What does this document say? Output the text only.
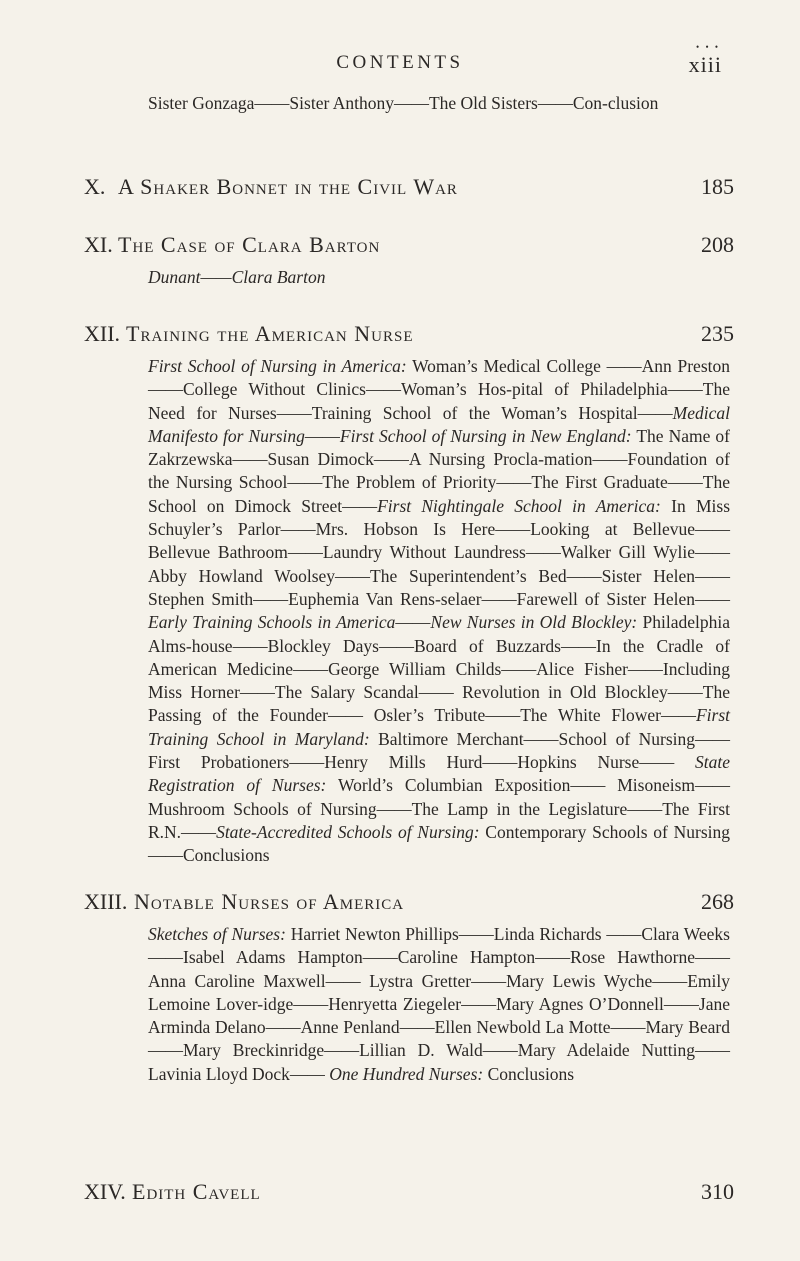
• • •
CONTENTS	xiii
Sister Gonzaga——Sister Anthony——The Old Sisters——Con-clusion
X. A Shaker Bonnet in the Civil War	185
XI. The Case of Clara Barton	208
Dunant——Clara Barton
XII. Training the American Nurse	235
First School of Nursing in America: Woman’s Medical College ——Ann Preston——College Without Clinics——Woman’s Hos-pital of Philadelphia——The Need for Nurses——Training School of the Woman’s Hospital——Medical Manifesto for Nursing——First School of Nursing in New England: The Name of Zakrzewska——Susan Dimock——A Nursing Procla-mation——Foundation of the Nursing School——The Problem of Priority——The First Graduate——The School on Dimock Street——First Nightingale School in America: In Miss Schuyler’s Parlor——Mrs. Hobson Is Here——Looking at Bellevue—— Bellevue Bathroom——Laundry Without Laundress——Walker Gill Wylie——Abby Howland Woolsey——The Superintendent’s Bed——Sister Helen——Stephen Smith——Euphemia Van Rens-selaer——Farewell of Sister Helen——Early Training Schools in America——New Nurses in Old Blockley: Philadelphia Alms-house——Blockley Days——Board of Buzzards——In the Cradle of American Medicine——George William Childs——Alice Fisher——Including Miss Horner——The Salary Scandal—— Revolution in Old Blockley——The Passing of the Founder—— Osler’s Tribute——The White Flower——First Training School in Maryland: Baltimore Merchant——School of Nursing—— First Probationers——Henry Mills Hurd——Hopkins Nurse—— State Registration of Nurses: World’s Columbian Exposition—— Misoneism——Mushroom Schools of Nursing——The Lamp in the Legislature——The First R.N.——State-Accredited Schools of Nursing: Contemporary Schools of Nursing——Conclusions
XIII. Notable Nurses of America	268
Sketches of Nurses: Harriet Newton Phillips——Linda Richards ——Clara Weeks——Isabel Adams Hampton——Caroline Hampton——Rose Hawthorne——Anna Caroline Maxwell—— Lystra Gretter——Mary Lewis Wyche——Emily Lemoine Lover-idge——Henryetta Ziegeler——Mary Agnes O’Donnell——Jane Arminda Delano——Anne Penland——Ellen Newbold La Motte——Mary Beard——Mary Breckinridge——Lillian D. Wald——Mary Adelaide Nutting——Lavinia Lloyd Dock—— One Hundred Nurses: Conclusions
XIV. Edith Cavell	310
